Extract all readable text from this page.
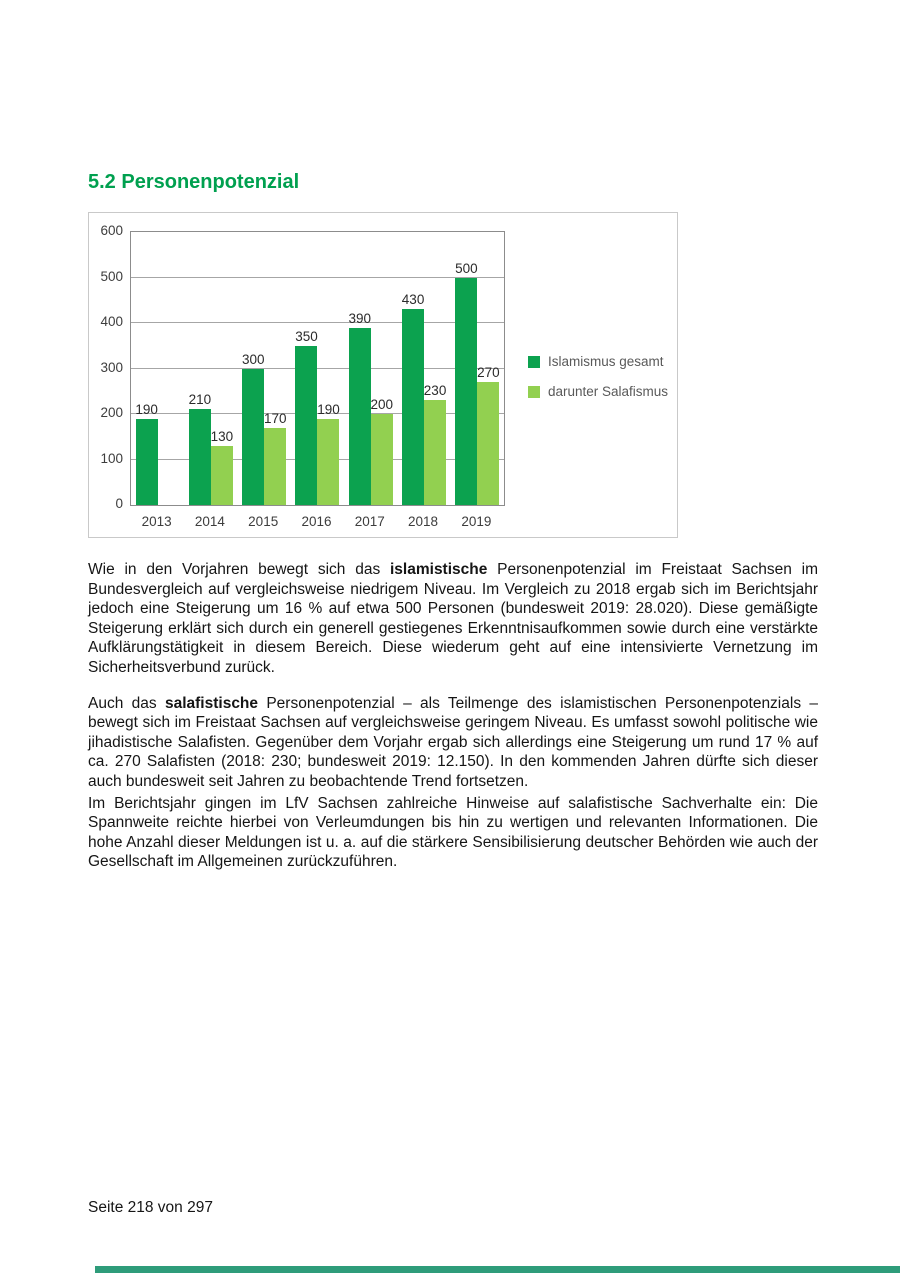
5.2 Personenpotenzial
190
210
130
300
170
350
190
390
200
430
230
500
270
0
100
200
300
400
500
600
2013	2014	2015	2016	2017	2018	2019
Islamismus gesamt
darunter Salafismus

Wie in den Vorjahren bewegt sich das islamistische Personenpotenzial im Freistaat Sachsen im Bundesvergleich auf vergleichsweise niedrigem Niveau. Im Vergleich zu 2018 ergab sich im Berichtsjahr jedoch eine Steigerung um 16 % auf etwa 500 Personen (bundesweit 2019: 28.020). Diese gemäßigte Steigerung erklärt sich durch ein generell gestiegenes Erkenntnisaufkommen sowie durch eine verstärkte Aufklärungstätigkeit in diesem Bereich. Diese wiederum geht auf eine intensivierte Vernetzung im Sicherheitsverbund zurück.

Auch das salafistische Personenpotenzial – als Teilmenge des islamistischen Personenpotenzials – bewegt sich im Freistaat Sachsen auf vergleichsweise geringem Niveau. Es umfasst sowohl politische wie jihadistische Salafisten. Gegenüber dem Vorjahr ergab sich allerdings eine Steigerung um rund 17 % auf ca. 270 Salafisten (2018: 230; bundesweit 2019: 12.150). In den kommenden Jahren dürfte sich dieser auch bundesweit seit Jahren zu beobachtende Trend fortsetzen.

Im Berichtsjahr gingen im LfV Sachsen zahlreiche Hinweise auf salafistische Sachverhalte ein: Die Spannweite reichte hierbei von Verleumdungen bis hin zu wertigen und relevanten Informationen. Die hohe Anzahl dieser Meldungen ist u. a. auf die stärkere Sensibilisierung deutscher Behörden wie auch der Gesellschaft im Allgemeinen zurückzuführen.

Seite 218 von 297
